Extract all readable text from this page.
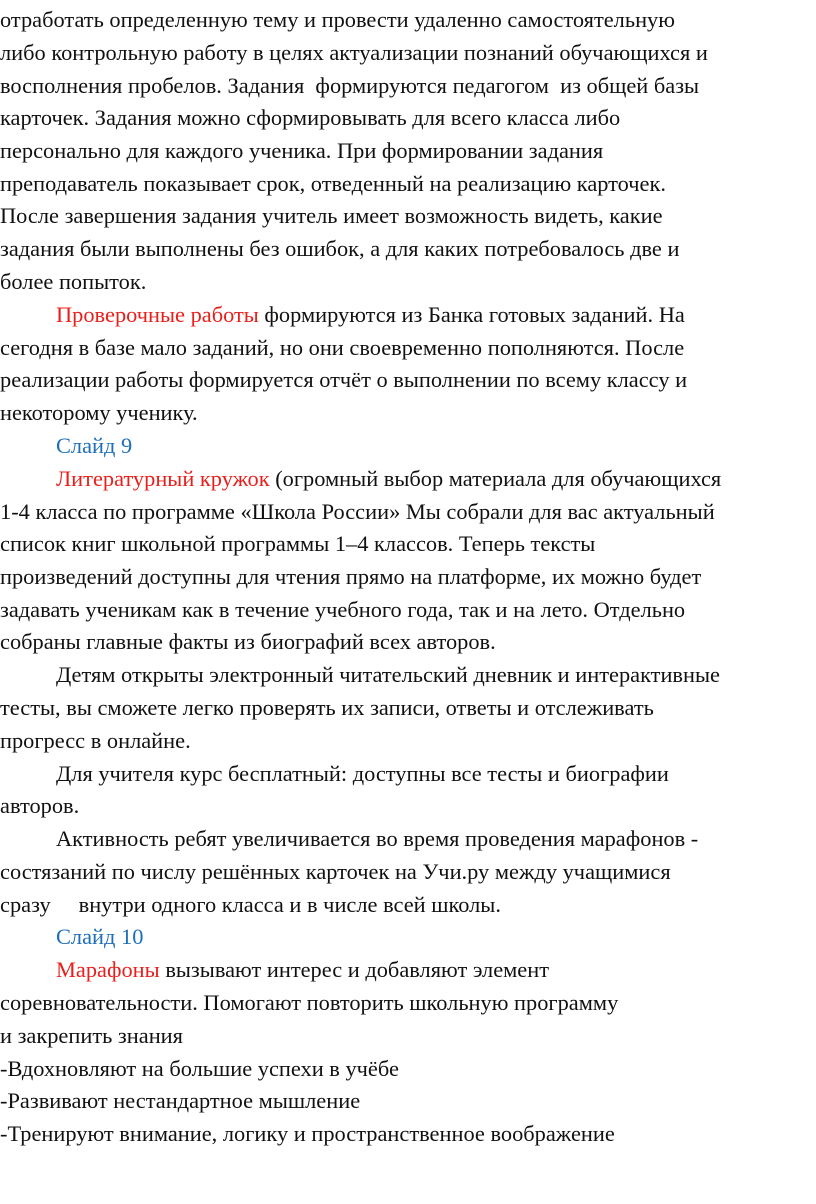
отработать определенную тему и провести удаленно самостоятельную
либо контрольную работу в целях актуализации познаний обучающихся и
восполнения пробелов. Задания  формируются педагогом  из общей базы
карточек. Задания можно сформировывать для всего класса либо
персонально для каждого ученика. При формировании задания
преподаватель показывает срок, отведенный на реализацию карточек.
После завершения задания учитель имеет возможность видеть, какие
задания были выполнены без ошибок, а для каких потребовалось две и
более попыток.
Проверочные работы формируются из Банка готовых заданий. На
сегодня в базе мало заданий, но они своевременно пополняются. После
реализации работы формируется отчёт о выполнении по всему классу и
некоторому ученику.
Слайд 9
Литературный кружок (огромный выбор материала для обучающихся
1-4 класса по программе «Школа России» Мы собрали для вас актуальный
список книг школьной программы 1–4 классов. Теперь тексты
произведений доступны для чтения прямо на платформе, их можно будет
задавать ученикам как в течение учебного года, так и на лето. Отдельно
собраны главные факты из биографий всех авторов.
Детям открыты электронный читательский дневник и интерактивные
тесты, вы сможете легко проверять их записи, ответы и отслеживать
прогресс в онлайне.
Для учителя курс бесплатный: доступны все тесты и биографии
авторов.
Активность ребят увеличивается во время проведения марафонов -
состязаний по числу решённых карточек на Учи.ру между учащимися
сразу     внутри одного класса и в числе всей школы.
Слайд 10
Марафоны вызывают интерес и добавляют элемент
соревновательности. Помогают повторить школьную программу
и закрепить знания
-Вдохновляют на большие успехи в учёбе
-Развивают нестандартное мышление
-Тренируют внимание, логику и пространственное воображение
